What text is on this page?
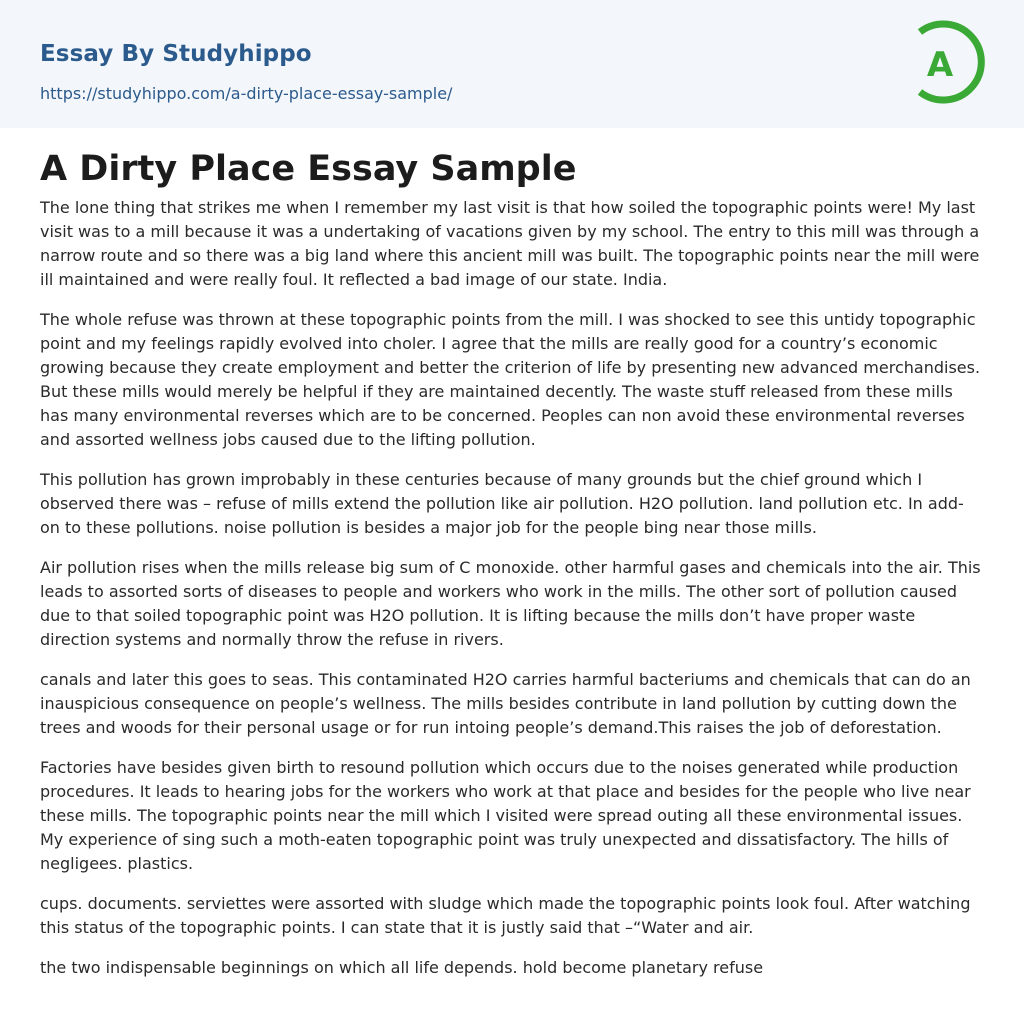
Essay By Studyhippo
https://studyhippo.com/a-dirty-place-essay-sample/
A
A Dirty Place Essay Sample

The lone thing that strikes me when I remember my last visit is that how soiled the topographic points were! My last visit was to a mill because it was a undertaking of vacations given by my school. The entry to this mill was through a narrow route and so there was a big land where this ancient mill was built. The topographic points near the mill were ill maintained and were really foul. It reflected a bad image of our state. India.

The whole refuse was thrown at these topographic points from the mill. I was shocked to see this untidy topographic point and my feelings rapidly evolved into choler. I agree that the mills are really good for a country’s economic growing because they create employment and better the criterion of life by presenting new advanced merchandises. But these mills would merely be helpful if they are maintained decently. The waste stuff released from these mills has many environmental reverses which are to be concerned. Peoples can non avoid these environmental reverses and assorted wellness jobs caused due to the lifting pollution.

This pollution has grown improbably in these centuries because of many grounds but the chief ground which I observed there was – refuse of mills extend the pollution like air pollution. H2O pollution. land pollution etc. In add-on to these pollutions. noise pollution is besides a major job for the people bing near those mills.

Air pollution rises when the mills release big sum of C monoxide. other harmful gases and chemicals into the air. This leads to assorted sorts of diseases to people and workers who work in the mills. The other sort of pollution caused due to that soiled topographic point was H2O pollution. It is lifting because the mills don’t have proper waste direction systems and normally throw the refuse in rivers.

canals and later this goes to seas. This contaminated H2O carries harmful bacteriums and chemicals that can do an inauspicious consequence on people’s wellness. The mills besides contribute in land pollution by cutting down the trees and woods for their personal usage or for run intoing people’s demand.This raises the job of deforestation.

Factories have besides given birth to resound pollution which occurs due to the noises generated while production procedures. It leads to hearing jobs for the workers who work at that place and besides for the people who live near these mills. The topographic points near the mill which I visited were spread outing all these environmental issues. My experience of sing such a moth-eaten topographic point was truly unexpected and dissatisfactory. The hills of negligees. plastics.

cups. documents. serviettes were assorted with sludge which made the topographic points look foul. After watching this status of the topographic points. I can state that it is justly said that –“Water and air.

the two indispensable beginnings on which all life depends. hold become planetary refuse
